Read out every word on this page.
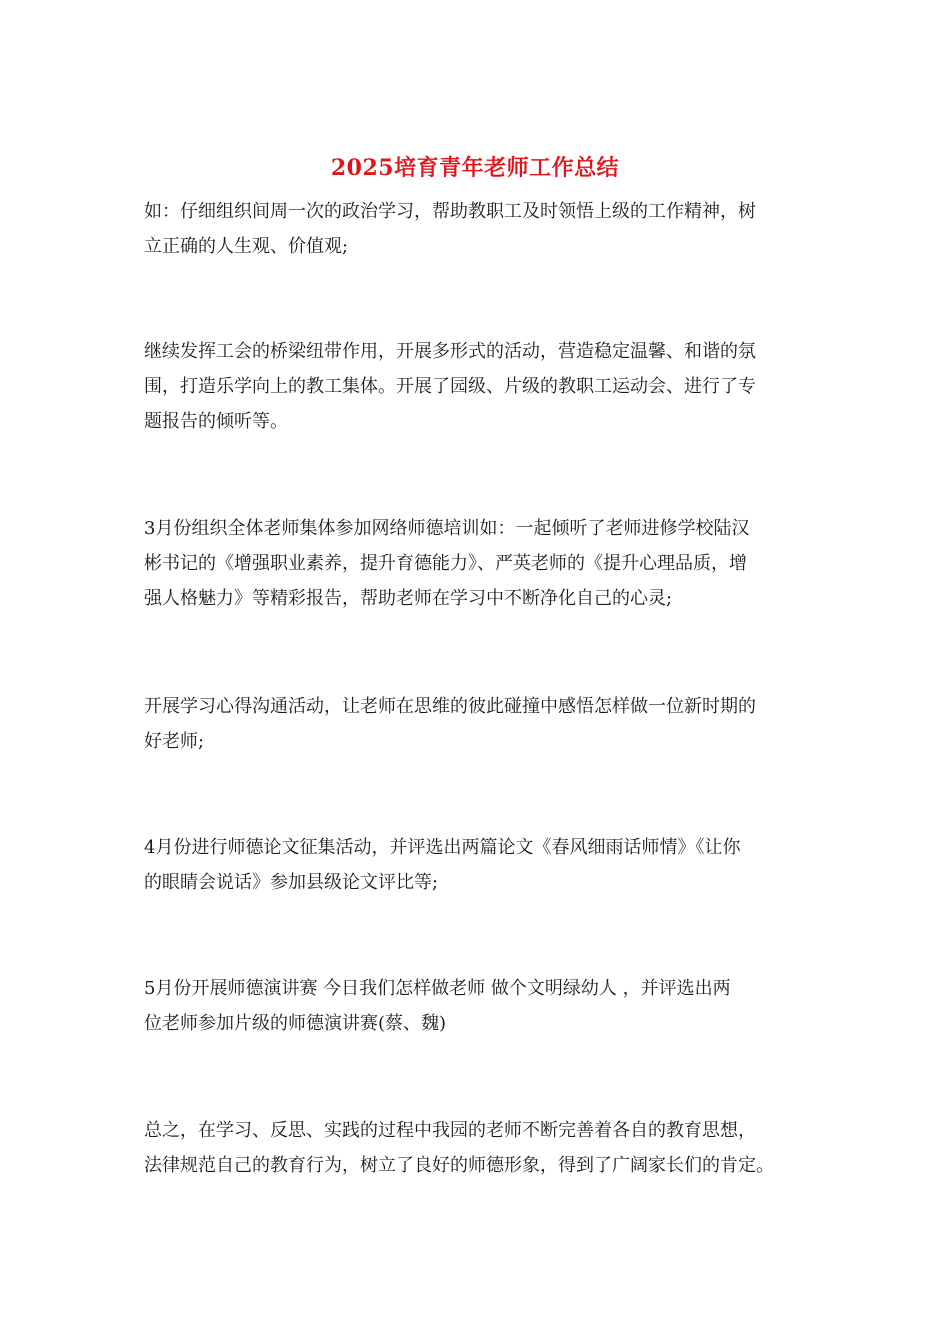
2025培育青年老师工作总结

如：仔细组织间周一次的政治学习，帮助教职工及时领悟上级的工作精神，树
立正确的人生观、价值观;

继续发挥工会的桥梁纽带作用，开展多形式的活动，营造稳定温馨、和谐的氛
围，打造乐学向上的教工集体。开展了园级、片级的教职工运动会、进行了专
题报告的倾听等。

3月份组织全体老师集体参加网络师德培训如：一起倾听了老师进修学校陆汉
彬书记的《增强职业素养，提升育德能力》、严英老师的《提升心理品质，增
强人格魅力》等精彩报告，帮助老师在学习中不断净化自己的心灵;

开展学习心得沟通活动，让老师在思维的彼此碰撞中感悟怎样做一位新时期的
好老师;

4月份进行师德论文征集活动，并评选出两篇论文《春风细雨话师情》《让你
的眼睛会说话》参加县级论文评比等;

5月份开展师德演讲赛 今日我们怎样做老师 做个文明绿幼人 ，并评选出两
位老师参加片级的师德演讲赛(蔡、魏)

总之，在学习、反思、实践的过程中我园的老师不断完善着各自的教育思想，
法律规范自己的教育行为，树立了良好的师德形象，得到了广阔家长们的肯定。
